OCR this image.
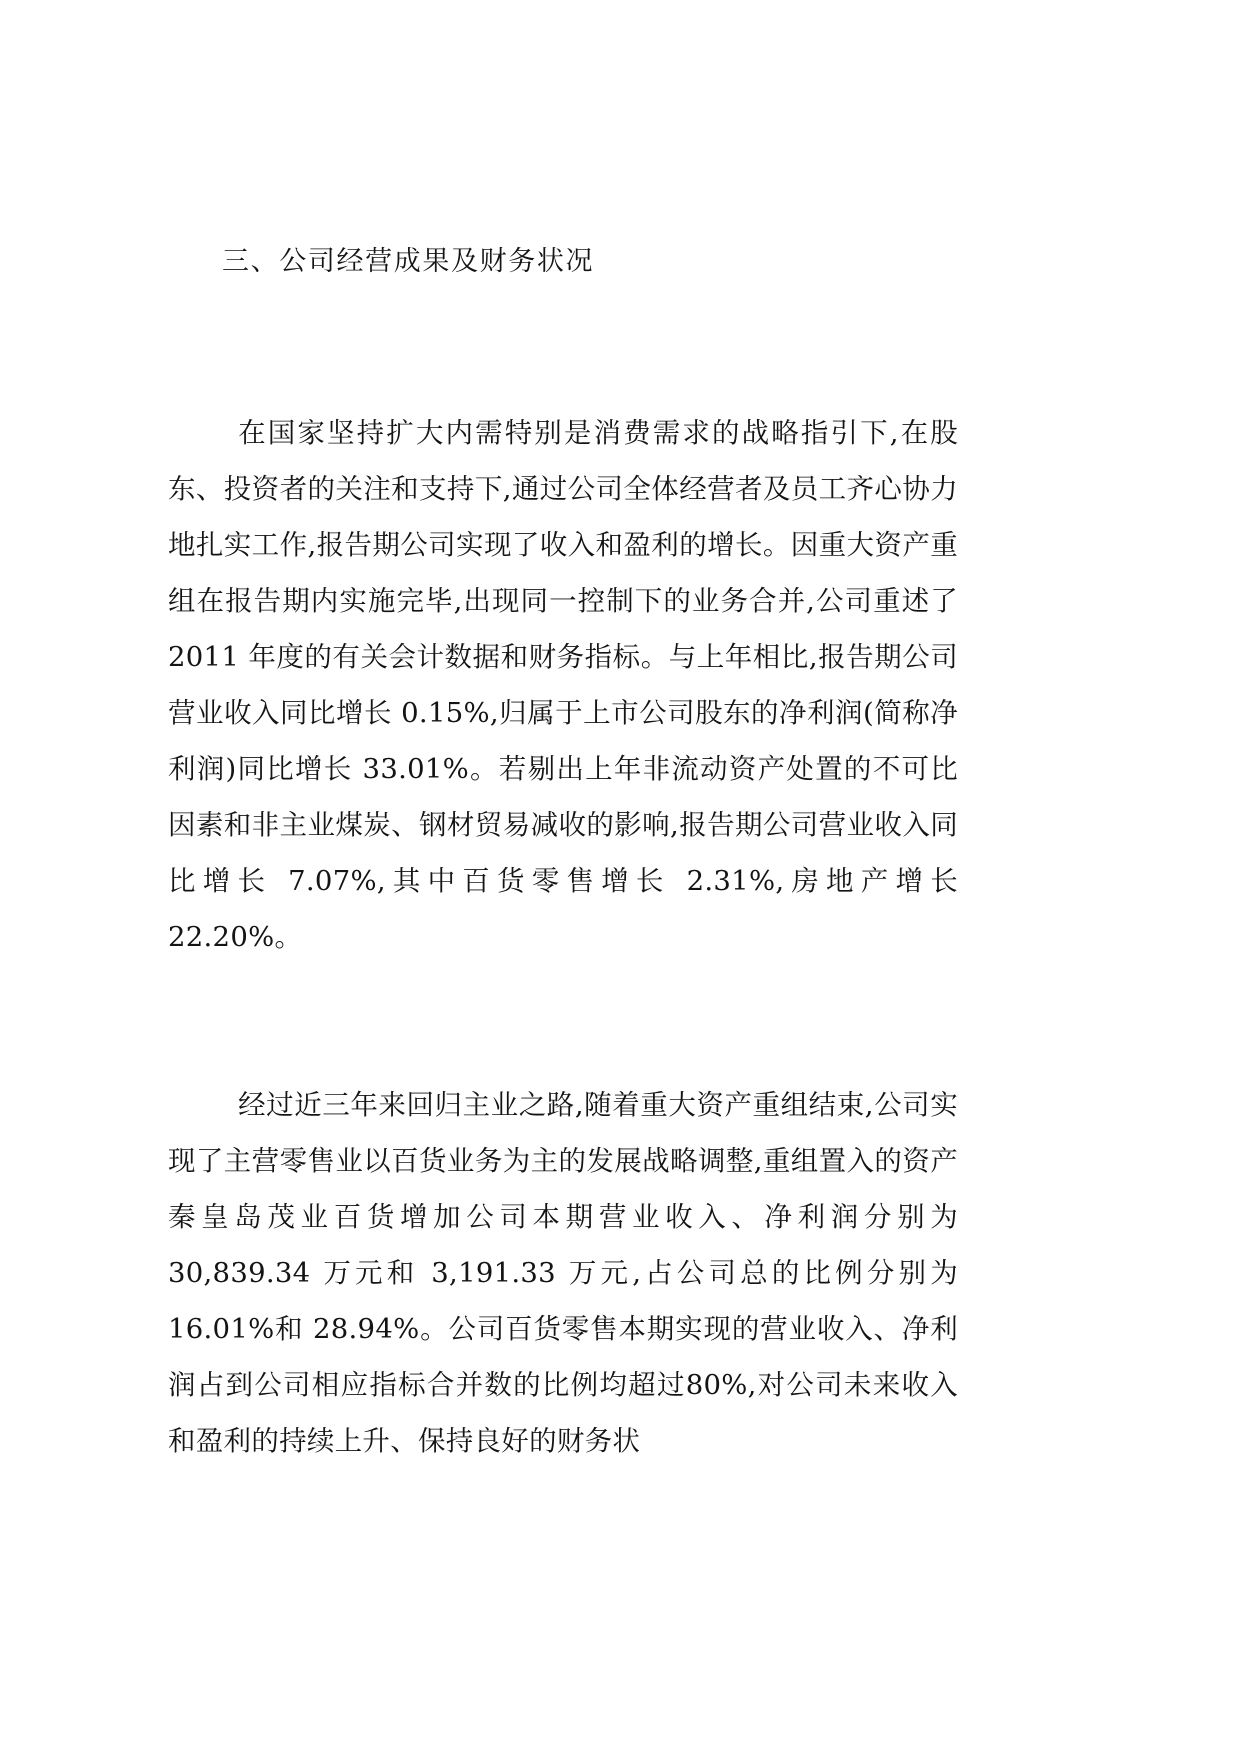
三、公司经营成果及财务状况

在国家坚持扩大内需特别是消费需求的战略指引下,在股东、投资者的关注和支持下,通过公司全体经营者及员工齐心协力地扎实工作,报告期公司实现了收入和盈利的增长。因重大资产重组在报告期内实施完毕,出现同一控制下的业务合并,公司重述了 2011 年度的有关会计数据和财务指标。与上年相比,报告期公司营业收入同比增长 0.15%,归属于上市公司股东的净利润(简称净利润)同比增长 33.01%。若剔出上年非流动资产处置的不可比因素和非主业煤炭、钢材贸易减收的影响,报告期公司营业收入同比增长 7.07%,其中百货零售增长 2.31%,房地产增长 22.20%。

经过近三年来回归主业之路,随着重大资产重组结束,公司实现了主营零售业以百货业务为主的发展战略调整,重组置入的资产秦皇岛茂业百货增加公司本期营业收入、净利润分别为 30,839.34 万元和 3,191.33 万元,占公司总的比例分别为 16.01%和 28.94%。公司百货零售本期实现的营业收入、净利润占到公司相应指标合并数的比例均超过80%,对公司未来收入和盈利的持续上升、保持良好的财务状
